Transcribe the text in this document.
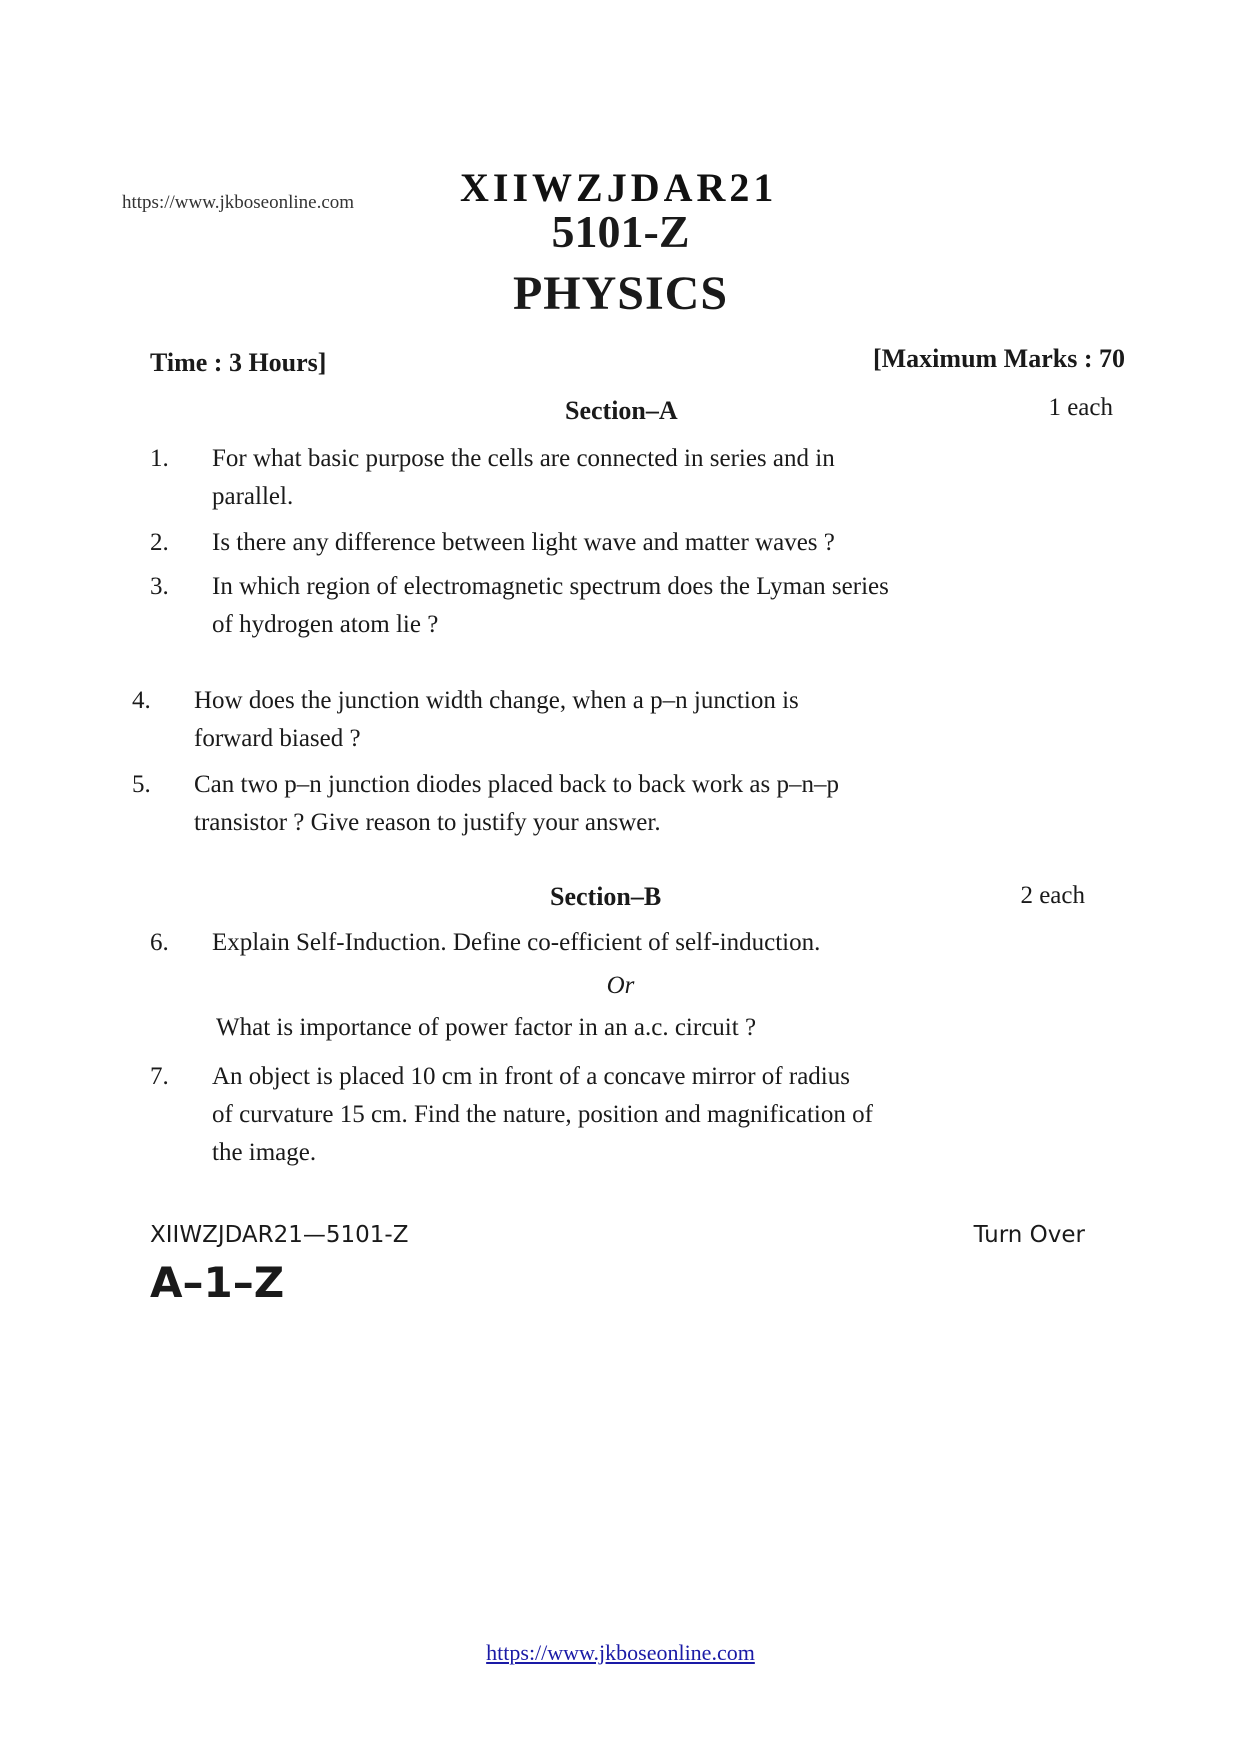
https://www.jkboseonline.com	XIIWZJDAR21
5101-Z
PHYSICS
Time : 3 Hours]	[Maximum Marks : 70
Section–A	1 each
1. For what basic purpose the cells are connected in series and in
parallel.
2. Is there any difference between light wave and matter waves ?
3. In which region of electromagnetic spectrum does the Lyman series
of hydrogen atom lie ?
4. How does the junction width change, when a p–n junction is
forward biased ?
5. Can two p–n junction diodes placed back to back work as p–n–p
transistor ? Give reason to justify your answer.
Section–B	2 each
6. Explain Self-Induction. Define co-efficient of self-induction.
Or
What is importance of power factor in an a.c. circuit ?
7. An object is placed 10 cm in front of a concave mirror of radius
of curvature 15 cm. Find the nature, position and magnification of
the image.
XIIWZJDAR21—5101-Z
A–1–Z
Turn Over
https://www.jkboseonline.com
